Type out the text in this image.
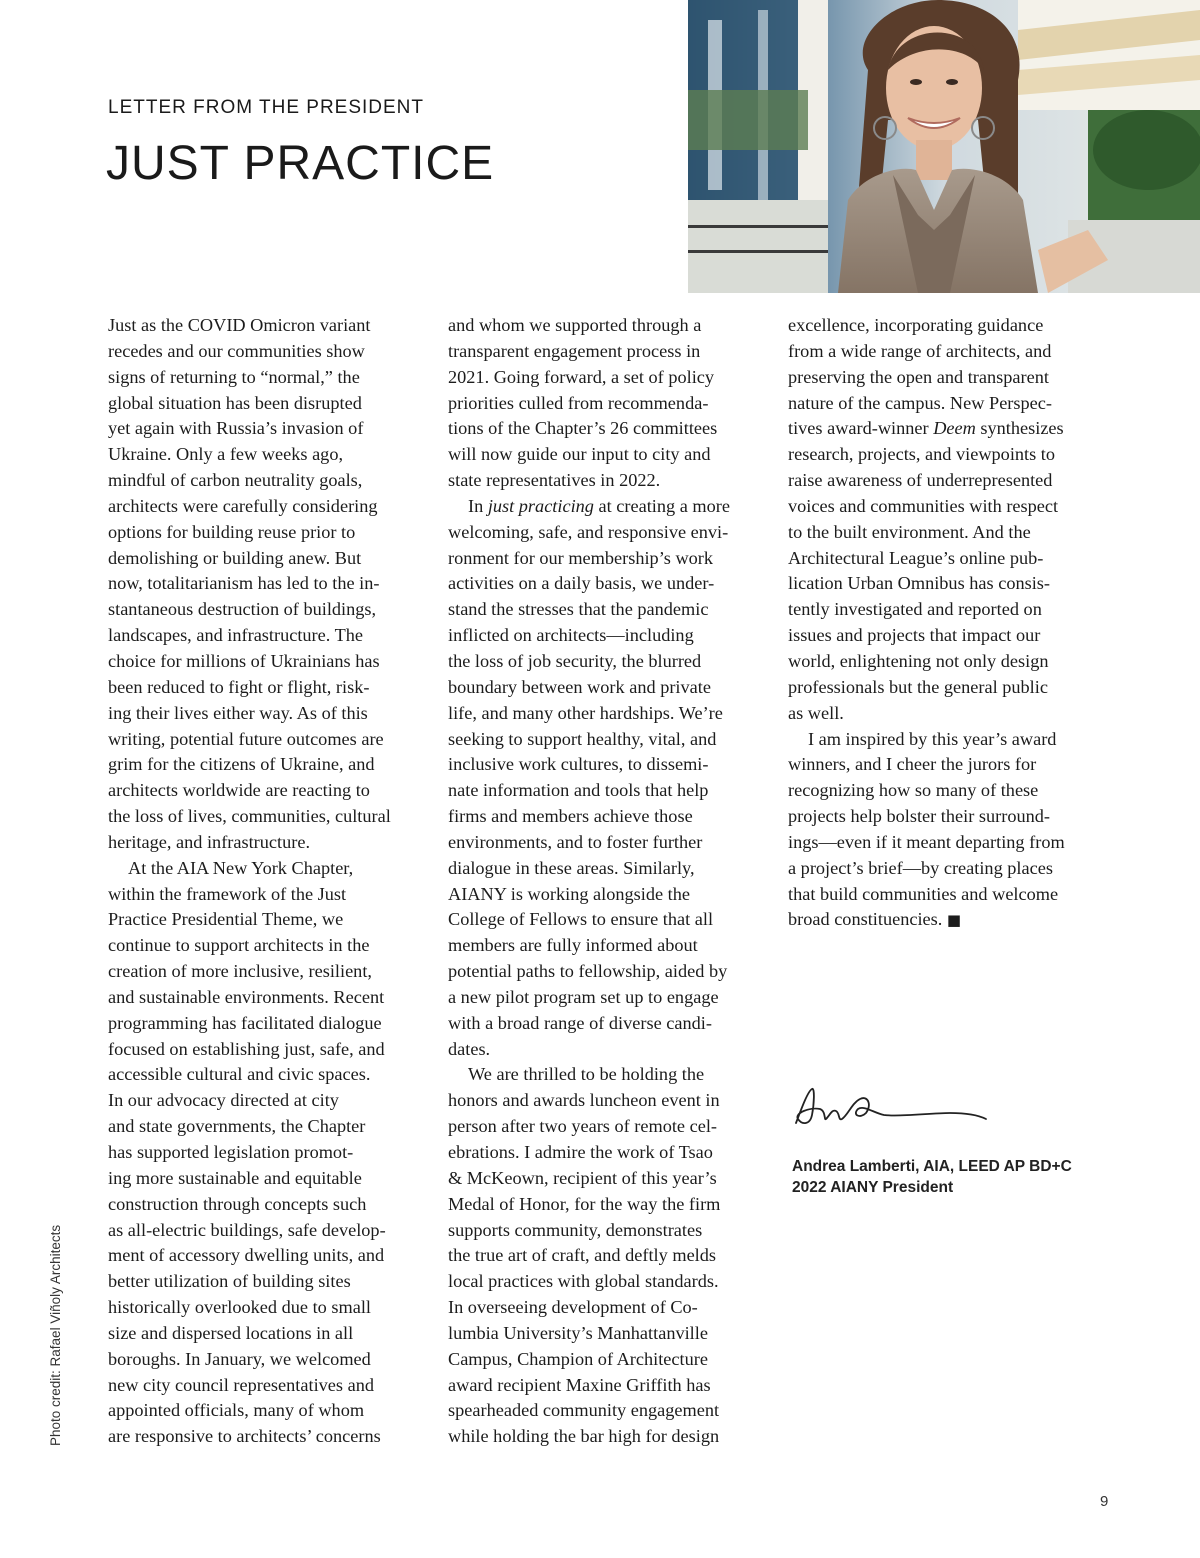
LETTER FROM THE PRESIDENT
JUST PRACTICE

Just as the COVID Omicron variant
recedes and our communities show
signs of returning to “normal,” the
global situation has been disrupted
yet again with Russia’s invasion of
Ukraine. Only a few weeks ago,
mindful of carbon neutrality goals,
architects were carefully considering
options for building reuse prior to
demolishing or building anew. But
now, totalitarianism has led to the in-
stantaneous destruction of buildings,
landscapes, and infrastructure. The
choice for millions of Ukrainians has
been reduced to fight or flight, risk-
ing their lives either way. As of this
writing, potential future outcomes are
grim for the citizens of Ukraine, and
architects worldwide are reacting to
the loss of lives, communities, cultural
heritage, and infrastructure.

At the AIA New York Chapter,
within the framework of the Just
Practice Presidential Theme, we
continue to support architects in the
creation of more inclusive, resilient,
and sustainable environments. Recent
programming has facilitated dialogue
focused on establishing just, safe, and
accessible cultural and civic spaces.
In our advocacy directed at city
and state governments, the Chapter
has supported legislation promot-
ing more sustainable and equitable
construction through concepts such
as all-electric buildings, safe develop-
ment of accessory dwelling units, and
better utilization of building sites
historically overlooked due to small
size and dispersed locations in all
boroughs. In January, we welcomed
new city council representatives and
appointed officials, many of whom
are responsive to architects’ concerns

and whom we supported through a
transparent engagement process in
2021. Going forward, a set of policy
priorities culled from recommenda-
tions of the Chapter’s 26 committees
will now guide our input to city and
state representatives in 2022.

In just practicing at creating a more
welcoming, safe, and responsive envi-
ronment for our membership’s work
activities on a daily basis, we under-
stand the stresses that the pandemic
inflicted on architects—including
the loss of job security, the blurred
boundary between work and private
life, and many other hardships. We’re
seeking to support healthy, vital, and
inclusive work cultures, to dissemi-
nate information and tools that help
firms and members achieve those
environments, and to foster further
dialogue in these areas. Similarly,
AIANY is working alongside the
College of Fellows to ensure that all
members are fully informed about
potential paths to fellowship, aided by
a new pilot program set up to engage
with a broad range of diverse candi-
dates.

We are thrilled to be holding the
honors and awards luncheon event in
person after two years of remote cel-
ebrations. I admire the work of Tsao
& McKeown, recipient of this year’s
Medal of Honor, for the way the firm
supports community, demonstrates
the true art of craft, and deftly melds
local practices with global standards.
In overseeing development of Co-
lumbia University’s Manhattanville
Campus, Champion of Architecture
award recipient Maxine Griffith has
spearheaded community engagement
while holding the bar high for design

excellence, incorporating guidance
from a wide range of architects, and
preserving the open and transparent
nature of the campus. New Perspec-
tives award-winner Deem synthesizes
research, projects, and viewpoints to
raise awareness of underrepresented
voices and communities with respect
to the built environment. And the
Architectural League’s online pub-
lication Urban Omnibus has consis-
tently investigated and reported on
issues and projects that impact our
world, enlightening not only design
professionals but the general public
as well.

I am inspired by this year’s award
winners, and I cheer the jurors for
recognizing how so many of these
projects help bolster their surround-
ings—even if it meant departing from
a project’s brief—by creating places
that build communities and welcome
broad constituencies. ■

Andrea Lamberti, AIA, LEED AP BD+C
2022 AIANY President
Photo credit: Rafael Viñoly Architects
9
